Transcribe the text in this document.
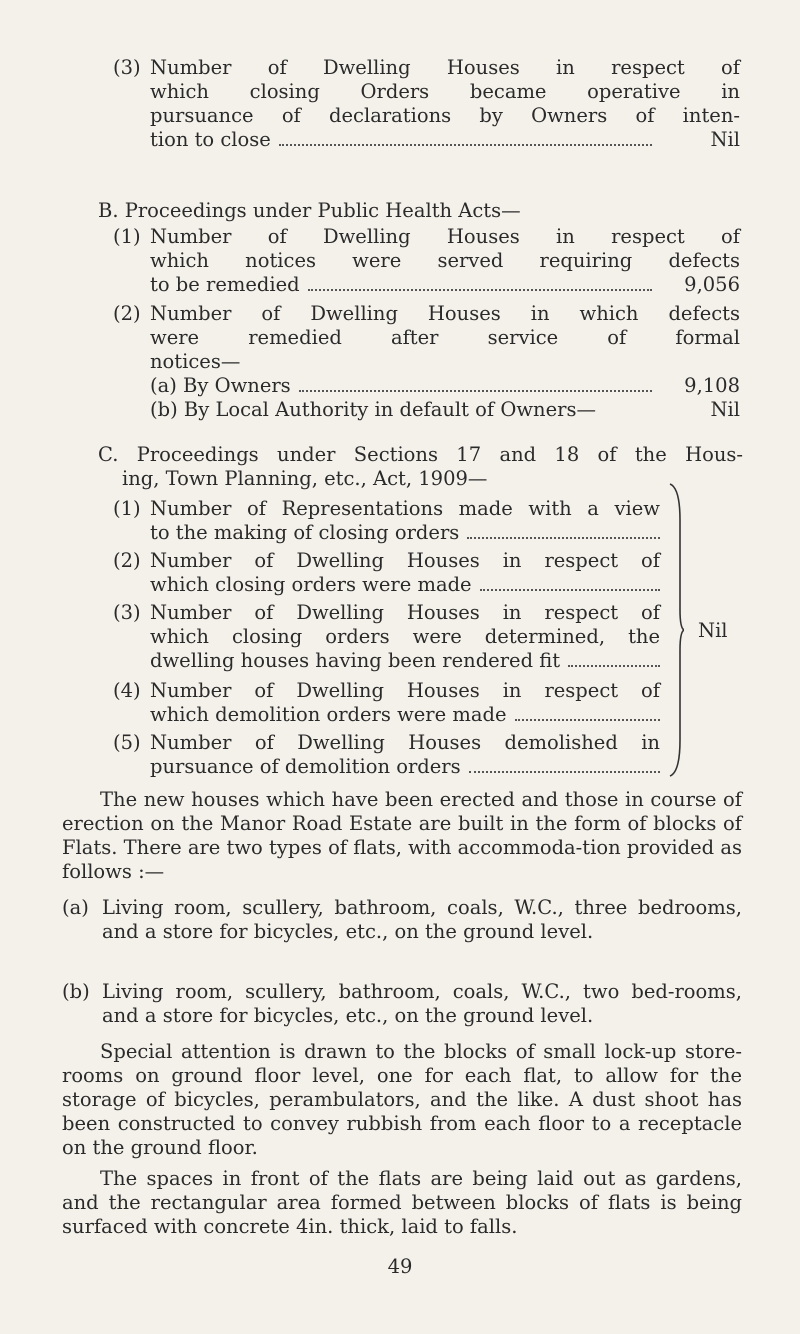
(3) Number of Dwelling Houses in respect of
which closing Orders became operative in
pursuance of declarations by Owners of inten-
tion to close	Nil
B. Proceedings under Public Health Acts—
(1) Number of Dwelling Houses in respect of
which notices were served requiring defects
to be remedied	9,056
(2) Number of Dwelling Houses in which defects
were remedied after service of formal
notices—
(a) By Owners	9,108
(b) By Local Authority in default of Owners—	Nil
C. Proceedings under Sections 17 and 18 of the Hous-
ing, Town Planning, etc., Act, 1909—
(1) Number of Representations made with a view
to the making of closing orders
(2) Number of Dwelling Houses in respect of
which closing orders were made
(3) Number of Dwelling Houses in respect of
which closing orders were determined, the
dwelling houses having been rendered fit
(4) Number of Dwelling Houses in respect of
which demolition orders were made
(5) Number of Dwelling Houses demolished in
pursuance of demolition orders
Nil
The new houses which have been erected and those in course of erection on the Manor Road Estate are built in the form of blocks of Flats. There are two types of flats, with accommoda-tion provided as follows :—
(a) Living room, scullery, bathroom, coals, W.C., three bedrooms, and a store for bicycles, etc., on the ground level.
(b) Living room, scullery, bathroom, coals, W.C., two bed-rooms, and a store for bicycles, etc., on the ground level.
Special attention is drawn to the blocks of small lock-up store-rooms on ground floor level, one for each flat, to allow for the storage of bicycles, perambulators, and the like. A dust shoot has been constructed to convey rubbish from each floor to a receptacle on the ground floor.
The spaces in front of the flats are being laid out as gardens, and the rectangular area formed between blocks of flats is being surfaced with concrete 4in. thick, laid to falls.
49
